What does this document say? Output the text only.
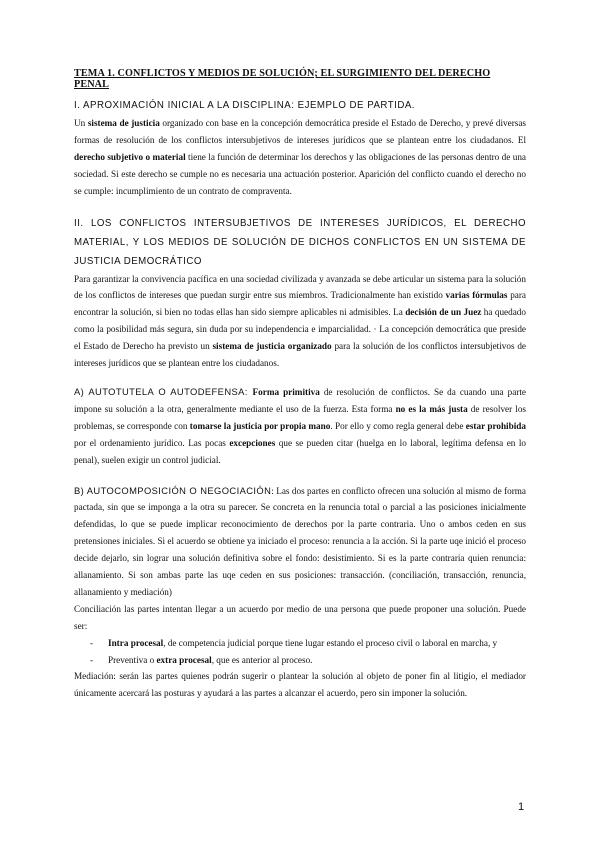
TEMA 1. CONFLICTOS Y MEDIOS DE SOLUCIÓN; EL SURGIMIENTO DEL DERECHO PENAL

I. APROXIMACIÓN INICIAL A LA DISCIPLINA: EJEMPLO DE PARTIDA.

Un sistema de justicia organizado con base en la concepción democrática preside el Estado de Derecho, y prevé diversas formas de resolución de los conflictos intersubjetivos de intereses jurídicos que se plantean entre los ciudadanos. El derecho subjetivo o material tiene la función de determinar los derechos y las obligaciones de las personas dentro de una sociedad. Si este derecho se cumple no es necesaria una actuación posterior. Aparición del conflicto cuando el derecho no se cumple: incumplimiento de un contrato de compraventa.

II. LOS CONFLICTOS INTERSUBJETIVOS DE INTERESES JURÍDICOS, EL DERECHO MATERIAL, Y LOS MEDIOS DE SOLUCIÓN DE DICHOS CONFLICTOS EN UN SISTEMA DE JUSTICIA DEMOCRÁTICO

Para garantizar la convivencia pacífica en una sociedad civilizada y avanzada se debe articular un sistema para la solución de los conflictos de intereses que puedan surgir entre sus miembros. Tradicionalmente han existido varias fórmulas para encontrar la solución, si bien no todas ellas han sido siempre aplicables ni admisibles. La decisión de un Juez ha quedado como la posibilidad más segura, sin duda por su independencia e imparcialidad. · La concepción democrática que preside el Estado de Derecho ha previsto un sistema de justicia organizado para la solución de los conflictos intersubjetivos de intereses jurídicos que se plantean entre los ciudadanos.

A) AUTOTUTELA O AUTODEFENSA: Forma primitiva de resolución de conflictos. Se da cuando una parte impone su solución a la otra, generalmente mediante el uso de la fuerza. Esta forma no es la más justa de resolver los problemas, se corresponde con tomarse la justicia por propia mano. Por ello y como regla general debe estar prohibida por el ordenamiento jurídico. Las pocas excepciones que se pueden citar (huelga en lo laboral, legítima defensa en lo penal), suelen exigir un control judicial.

B) AUTOCOMPOSICIÓN O NEGOCIACIÓN: Las dos partes en conflicto ofrecen una solución al mismo de forma pactada, sin que se imponga a la otra su parecer. Se concreta en la renuncia total o parcial a las posiciones inicialmente defendidas, lo que se puede implicar reconocimiento de derechos por la parte contraria. Uno o ambos ceden en sus pretensiones iniciales. Si el acuerdo se obtiene ya iniciado el proceso: renuncia a la acción. Si la parte uqe inició el proceso decide dejarlo, sin lograr una solución definitiva sobre el fondo: desistimiento. Si es la parte contraria quien renuncia: allanamiento. Si son ambas parte las uqe ceden en sus posiciones: transacción. (conciliación, transacción, renuncia, allanamiento y mediación)

Conciliación las partes intentan llegar a un acuerdo por medio de una persona que puede proponer una solución. Puede ser:

- Intra procesal, de competencia judicial porque tiene lugar estando el proceso civil o laboral en marcha, y
- Preventiva o extra procesal, que es anterior al proceso.

Mediación: serán las partes quienes podrán sugerir o plantear la solución al objeto de poner fin al litigio, el mediador únicamente acercará las posturas y ayudará a las partes a alcanzar el acuerdo, pero sin imponer la solución.

1
